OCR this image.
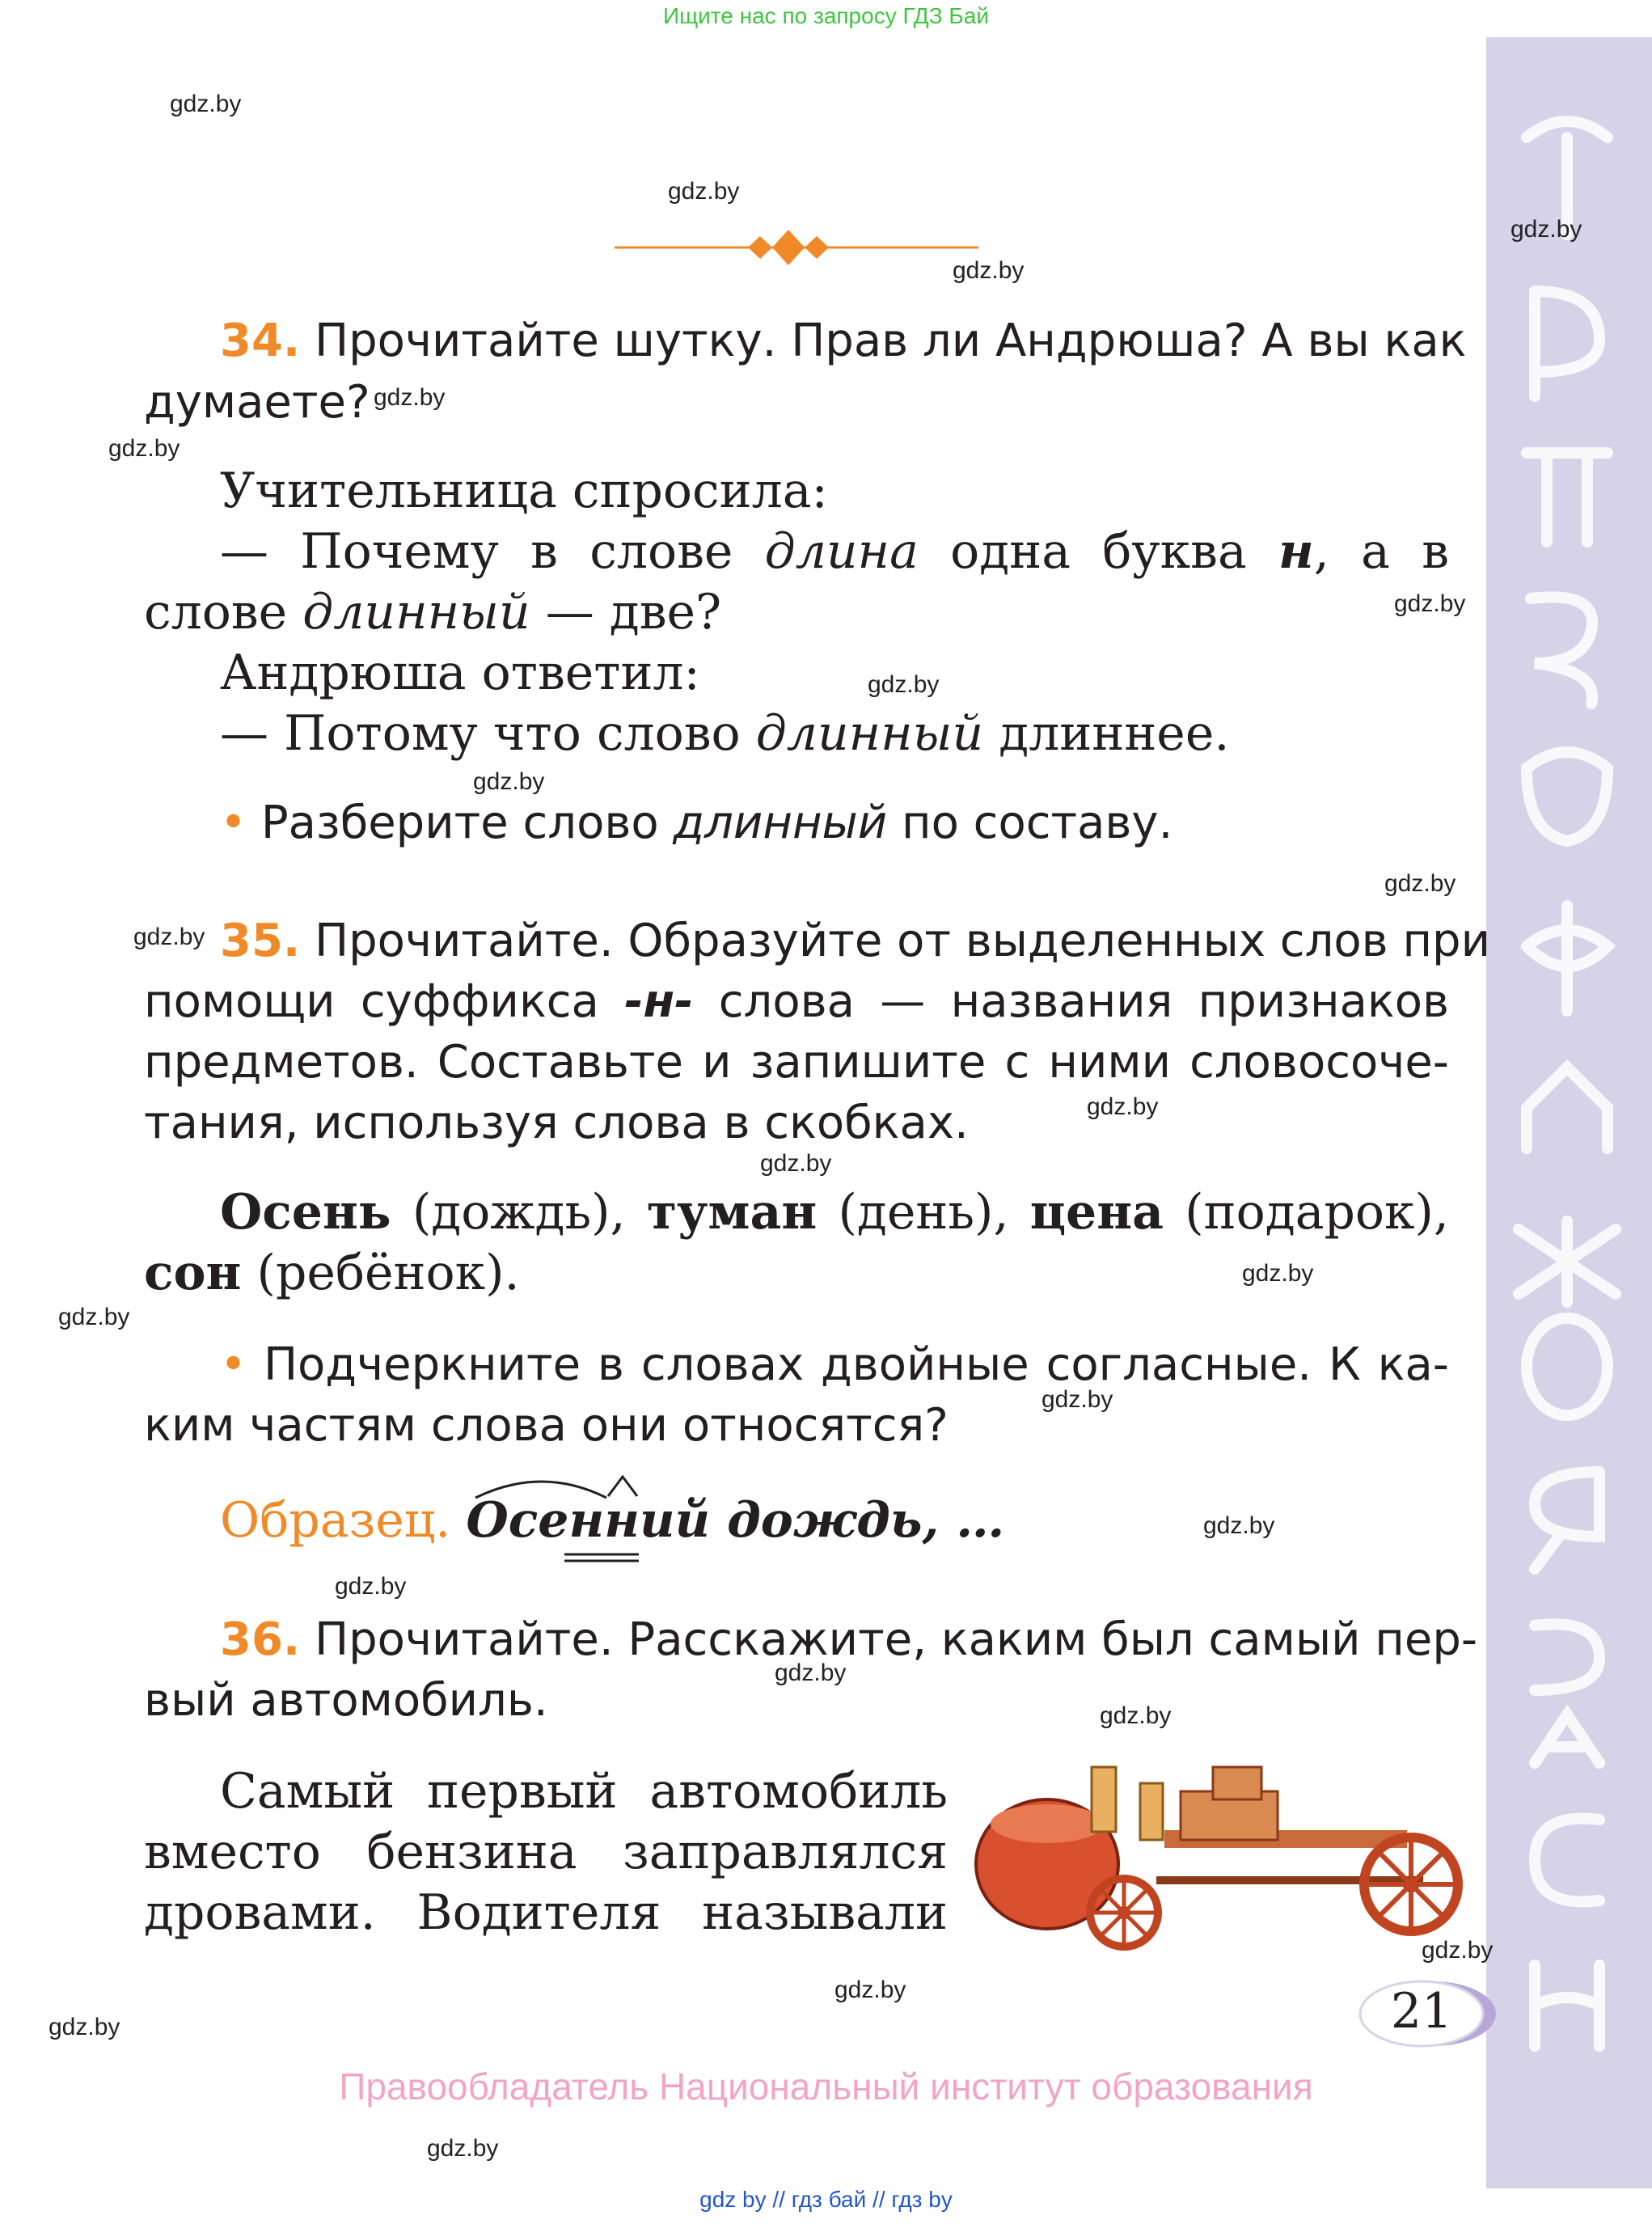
Ищите нас по запросу ГДЗ Бай
gdz.by
gdz.by
gdz.by
gdz.by
gdz.by
gdz.by
gdz.by
gdz.by
gdz.by
gdz.by
gdz.by
gdz.by
gdz.by
gdz.by
gdz.by
gdz.by
gdz.by
gdz.by
gdz.by
gdz.by
gdz.by
gdz.by
gdz.by
gdz.by
34. Прочитайте шутку. Прав ли Андрюша? А вы как
думаете?
Учительница спросила:
— Почему в слове длина одна буква н, а в
слове длинный — две?
Андрюша ответил:
— Потому что слово длинный длиннее.
• Разберите слово длинный по составу.
35. Прочитайте. Образуйте от выделенных слов при
помощи суффикса -н- слова — названия признаков
предметов. Составьте и запишите с ними словосоче-
тания, используя слова в скобках.
Осень (дождь), туман (день), цена (подарок),
сон (ребёнок).
• Подчеркните в словах двойные согласные. К ка-
ким частям слова они относятся?
Образец. Осенний дождь, …
36. Прочитайте. Расскажите, каким был самый пер-
вый автомобиль.
Самый первый автомобиль
вместо бензина заправлялся
дровами. Водителя называли
21
Правообладатель Национальный институт образования
gdz by // гдз бай // гдз by
